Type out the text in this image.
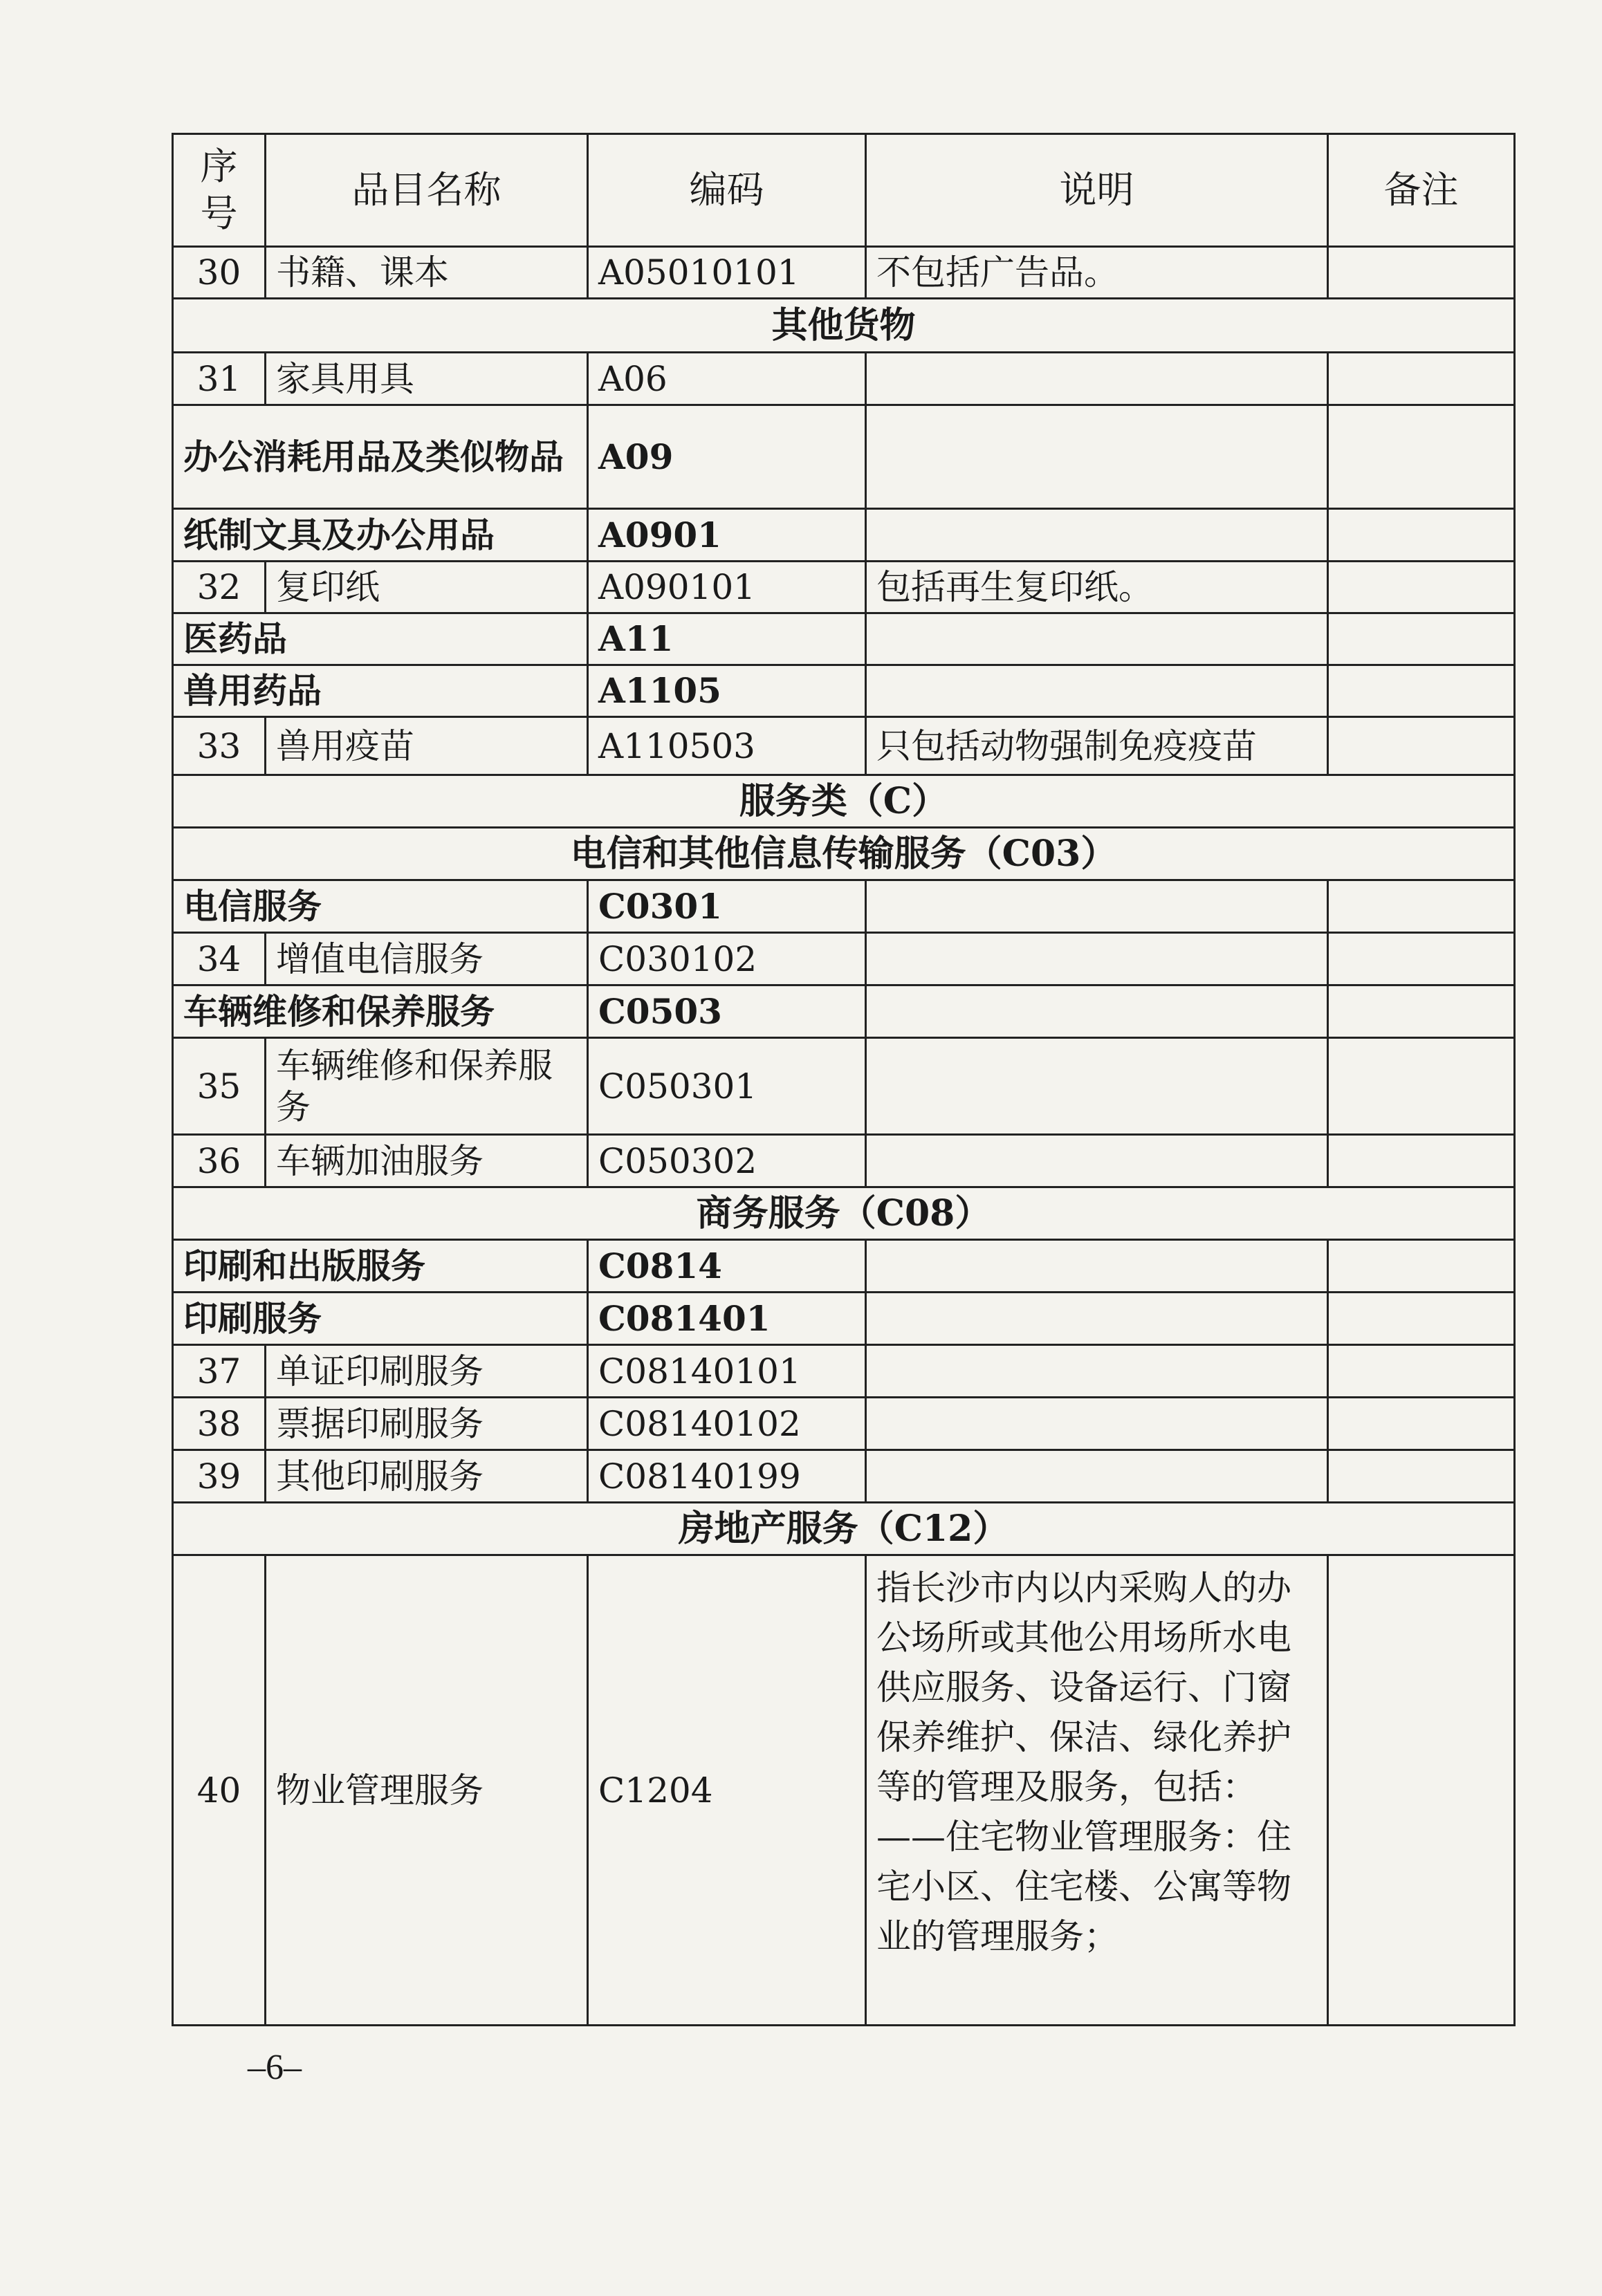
序
号	品目名称	编码	说明	备注
30	书籍、课本	A05010101	不包括广告品。	
其他货物				
31	家具用具	A06		
办公消耗用品及类似物品		A09		
纸制文具及办公用品		A0901		
32	复印纸	A090101	包括再生复印纸。	
医药品		A11		
兽用药品		A1105		
33	兽用疫苗	A110503	只包括动物强制免疫疫苗	
服务类（C）				
电信和其他信息传输服务（C03）				
电信服务		C0301		
34	增值电信服务	C030102		
车辆维修和保养服务		C0503		
35	车辆维修和保养服务	C050301		
36	车辆加油服务	C050302		
商务服务（C08）				
印刷和出版服务		C0814		
印刷服务		C081401		
37	单证印刷服务	C08140101		
38	票据印刷服务	C08140102		
39	其他印刷服务	C08140199		
房地产服务（C12）				
40	物业管理服务	C1204	指长沙市内以内采购人的办公场所或其他公用场所水电供应服务、设备运行、门窗保养维护、保洁、绿化养护等的管理及服务，包括：
——住宅物业管理服务：住宅小区、住宅楼、公寓等物业的管理服务；	
–6–
